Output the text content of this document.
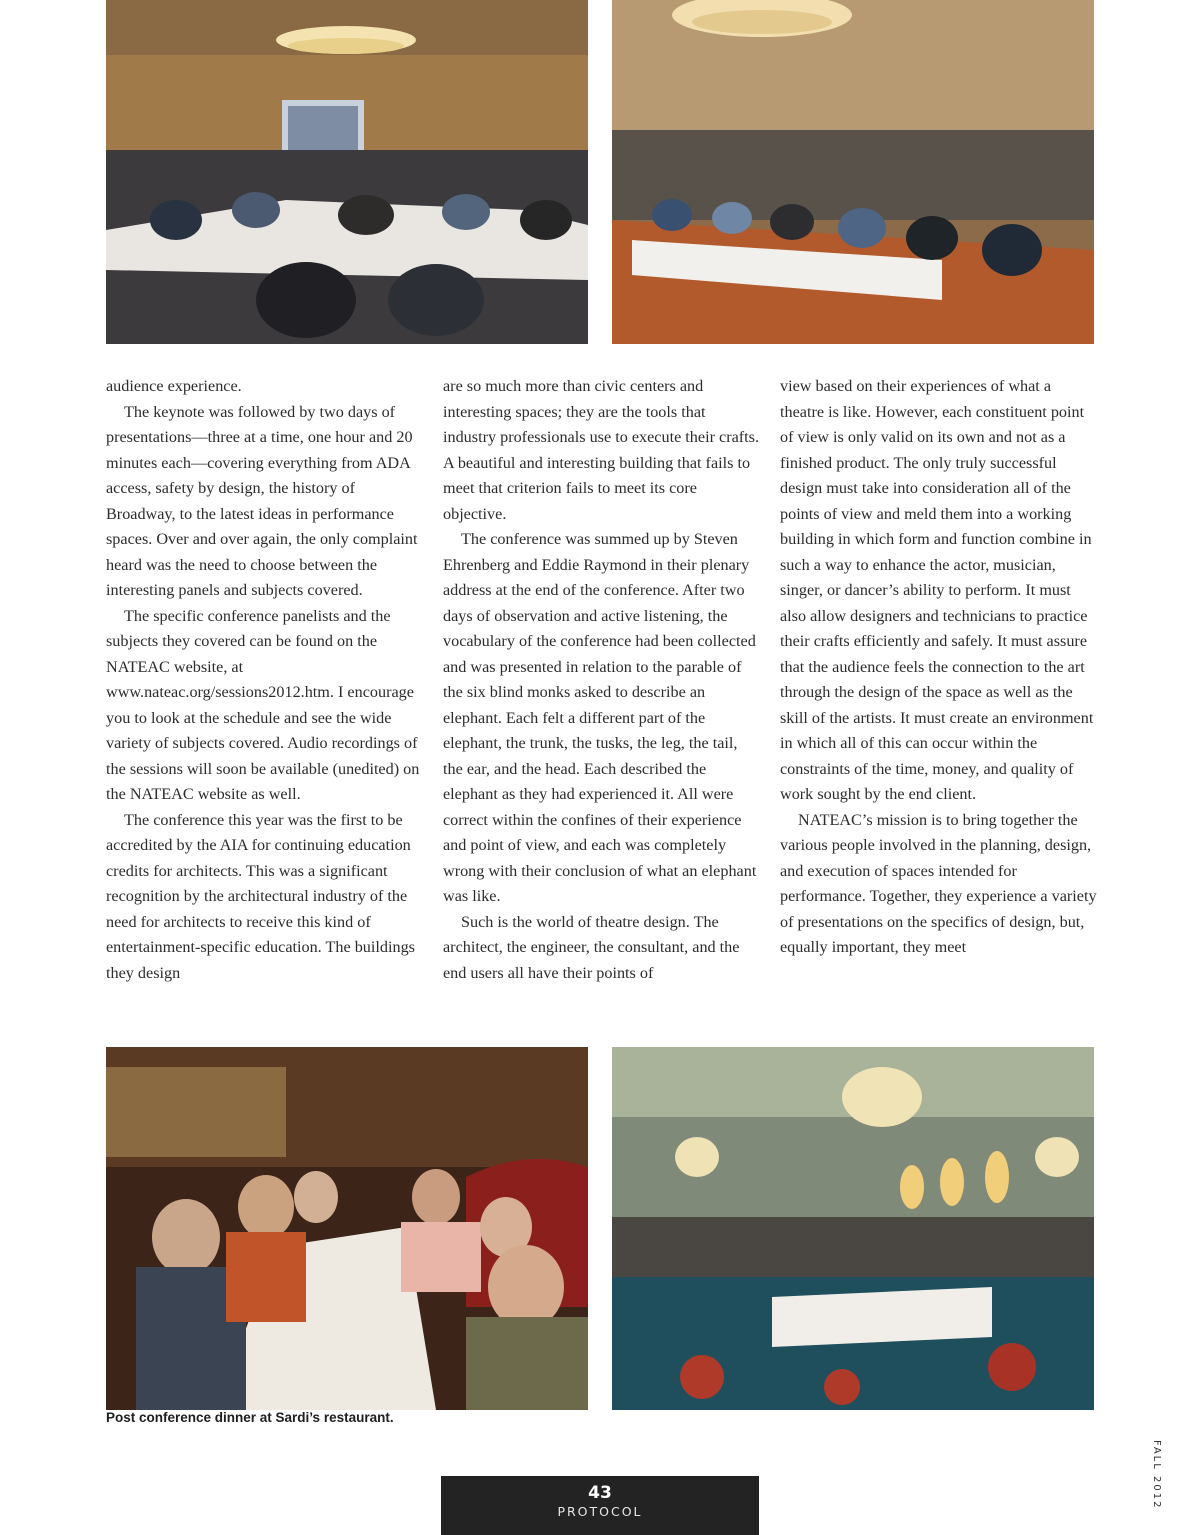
audience experience.

The keynote was followed by two days of presentations—three at a time, one hour and 20 minutes each—covering everything from ADA access, safety by design, the history of Broadway, to the latest ideas in performance spaces. Over and over again, the only complaint heard was the need to choose between the interesting panels and subjects covered.

The specific conference panelists and the subjects they covered can be found on the NATEAC website, at www.nateac.org/sessions2012.htm. I encourage you to look at the schedule and see the wide variety of subjects covered. Audio recordings of the sessions will soon be available (unedited) on the NATEAC website as well.

The conference this year was the first to be accredited by the AIA for continuing education credits for architects. This was a significant recognition by the architectural industry of the need for architects to receive this kind of entertainment-specific education. The buildings they design

are so much more than civic centers and interesting spaces; they are the tools that industry professionals use to execute their crafts. A beautiful and interesting building that fails to meet that criterion fails to meet its core objective.

The conference was summed up by Steven Ehrenberg and Eddie Raymond in their plenary address at the end of the conference. After two days of observation and active listening, the vocabulary of the conference had been collected and was presented in relation to the parable of the six blind monks asked to describe an elephant. Each felt a different part of the elephant, the trunk, the tusks, the leg, the tail, the ear, and the head. Each described the elephant as they had experienced it. All were correct within the confines of their experience and point of view, and each was completely wrong with their conclusion of what an elephant was like.

Such is the world of theatre design. The architect, the engineer, the consultant, and the end users all have their points of

view based on their experiences of what a theatre is like. However, each constituent point of view is only valid on its own and not as a finished product. The only truly successful design must take into consideration all of the points of view and meld them into a working building in which form and function combine in such a way to enhance the actor, musician, singer, or dancer’s ability to perform. It must also allow designers and technicians to practice their crafts efficiently and safely. It must assure that the audience feels the connection to the art through the design of the space as well as the skill of the artists. It must create an environment in which all of this can occur within the constraints of the time, money, and quality of work sought by the end client.

NATEAC’s mission is to bring together the various people involved in the planning, design, and execution of spaces intended for performance. Together, they experience a variety of presentations on the specifics of design, but, equally important, they meet

Post conference dinner at Sardi’s restaurant.
FALL 2012
43
PROTOCOL
